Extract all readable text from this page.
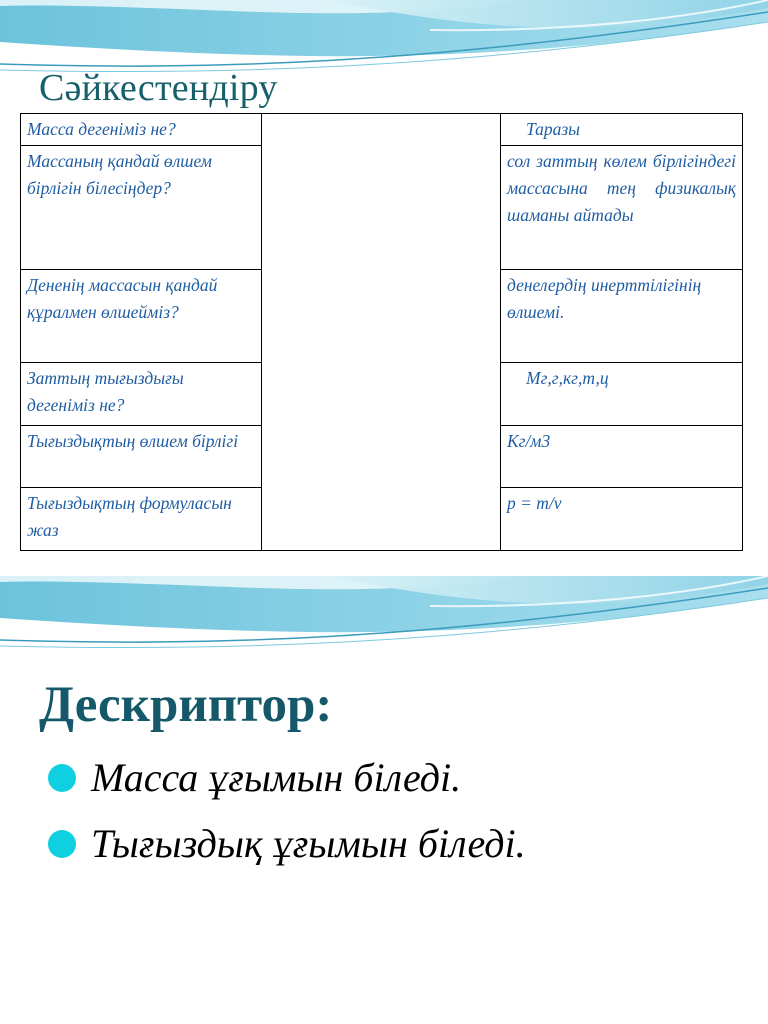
Сәйкестендіру
Масса дегеніміз не?		Таразы
Массаның қандай өлшем бірлігін білесіңдер?		сол заттың көлем бірлігіндегі массасына тең физикалық шаманы айтады
Дененің массасын қандай құралмен өлшейміз?		денелердің инерттілігінің өлшемі.
Заттың тығыздығы дегеніміз не?		Мг,г,кг,т,ц
Тығыздықтың өлшем бірлігі		Кг/м3
Тығыздықтың формуласын жаз		p = m/v
Дескриптор:
Масса ұғымын біледі.
Тығыздық ұғымын біледі.
